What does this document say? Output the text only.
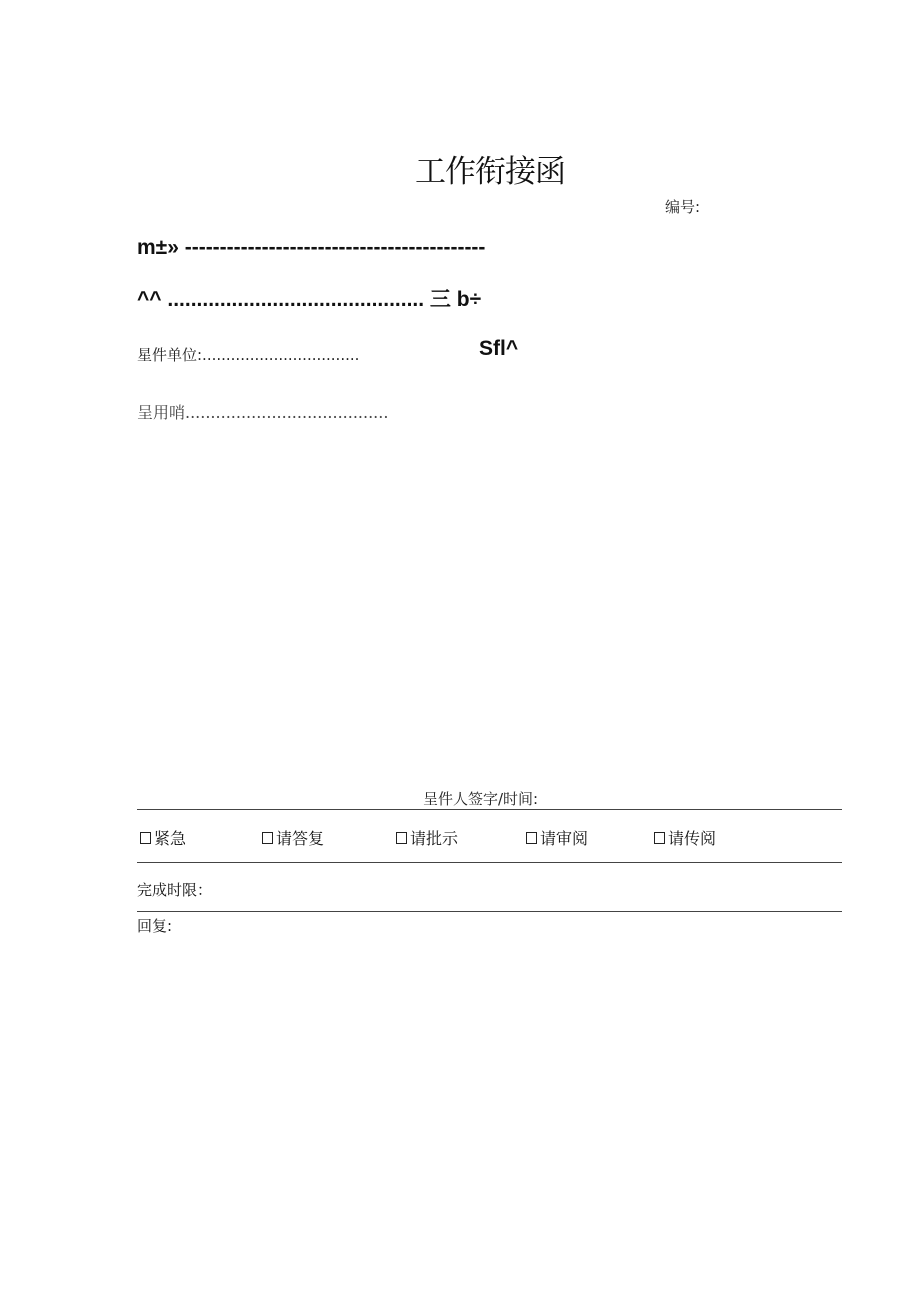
工作衔接函
编号:
m±» -------------------------------------------
^^ ............................................ 三 b÷
星件单位:.................................	Sfl^
呈用哨........................................
呈件人签字/时间:
紧急	请答复	请批示	请审阅	请传阅
完成时限：
回复:
